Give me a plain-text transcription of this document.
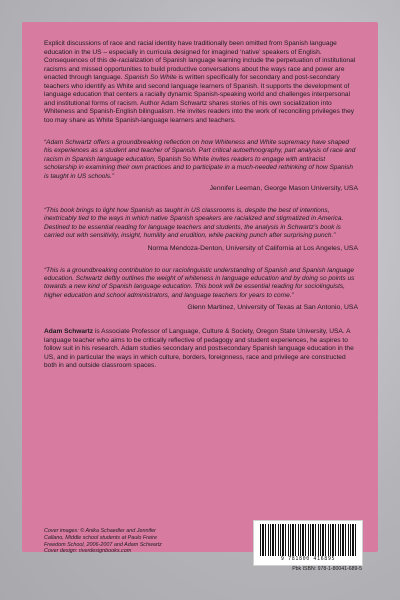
Explicit discussions of race and racial identity have traditionally been omitted from Spanish language education in the US – especially in curricula designed for imagined ‘native’ speakers of English. Consequences of this de-racialization of Spanish language learning include the perpetuation of institutional racisms and missed opportunities to build productive conversations about the ways race and power are enacted through language. Spanish So White is written specifically for secondary and post-secondary teachers who identify as White and second language learners of Spanish. It supports the development of language education that centers a racially dynamic Spanish-speaking world and challenges interpersonal and institutional forms of racism. Author Adam Schwartz shares stories of his own socialization into Whiteness and Spanish-English bilingualism. He invites readers into the work of reconciling privileges they too may share as White Spanish-language learners and teachers.

“Adam Schwartz offers a groundbreaking reflection on how Whiteness and White supremacy have shaped his experiences as a student and teacher of Spanish. Part critical autoethnography, part analysis of race and racism in Spanish language education, Spanish So White invites readers to engage with antiracist scholarship in examining their own practices and to participate in a much-needed rethinking of how Spanish is taught in US schools.”

Jennifer Leeman, George Mason University, USA

“This book brings to light how Spanish as taught in US classrooms is, despite the best of intentions, inextricably tied to the ways in which native Spanish speakers are racialized and stigmatized in America. Destined to be essential reading for language teachers and students, the analysis in Schwartz’s book is carried out with sensitivity, insight, humility and erudition, while packing punch after surprising punch.”

Norma Mendoza-Denton, University of California at Los Angeles, USA

“This is a groundbreaking contribution to our raciolinguistic understanding of Spanish and Spanish language education. Schwartz deftly outlines the weight of whiteness in language education and by doing so points us towards a new kind of Spanish language education. This book will be essential reading for sociolinguists, higher education and school administrators, and language teachers for years to come.”

Glenn Martinez, University of Texas at San Antonio, USA

Adam Schwartz is Associate Professor of Language, Culture & Society, Oregon State University, USA. A language teacher who aims to be critically reflective of pedagogy and student experiences, he aspires to follow suit in his research. Adam studies secondary and postsecondary Spanish language education in the US, and in particular the ways in which culture, borders, foreignness, race and privilege are constructed both in and outside classroom spaces.

Cover images: © Anika Schaedler and Jennifer Callano, Middle school students at Paulo Freire Freedom School, 2006-2007 and Adam Schwartz
Cover design: riverdesignbooks.com
9 781800 416895
Pbk ISBN: 978-1-80041-689-5
